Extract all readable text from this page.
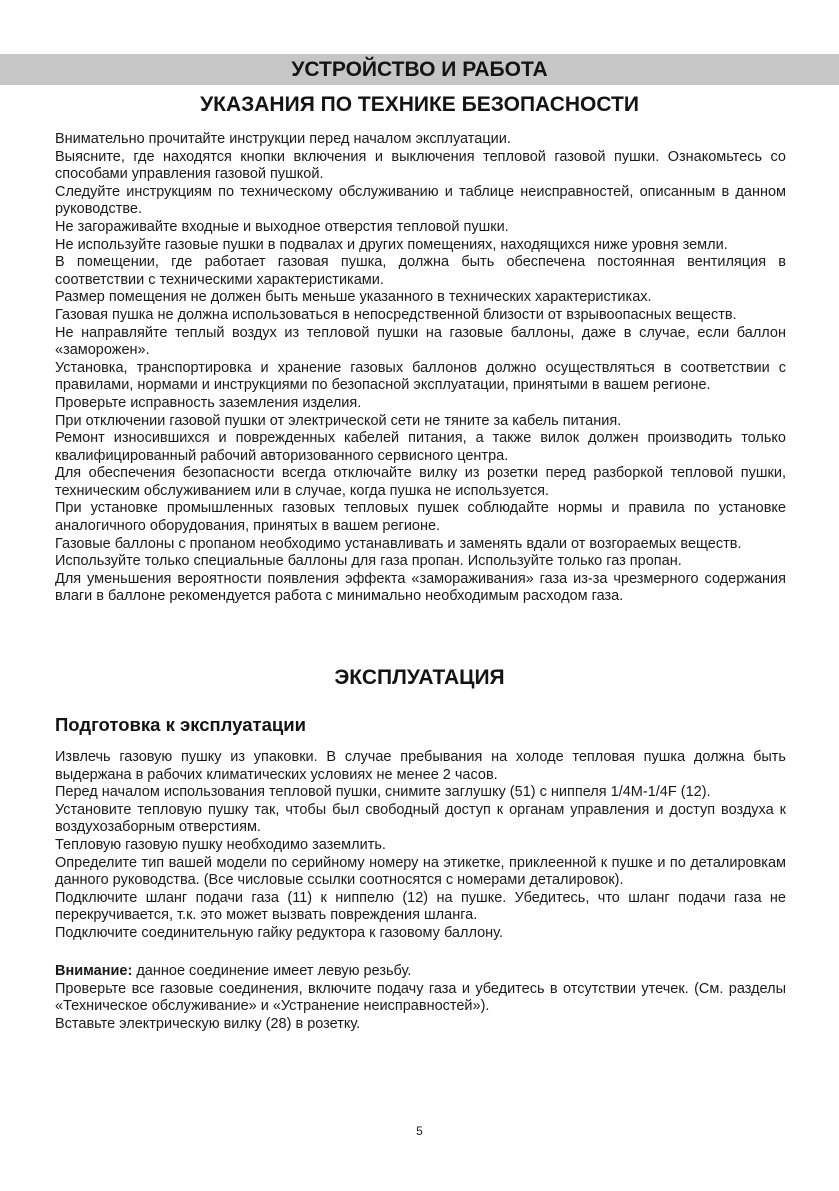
УСТРОЙСТВО И РАБОТА
УКАЗАНИЯ ПО ТЕХНИКЕ БЕЗОПАСНОСТИ

Внимательно прочитайте инструкции перед началом эксплуатации.

Выясните, где находятся кнопки включения и выключения тепловой газовой пушки. Ознакомьтесь со способами управления газовой пушкой.

Следуйте инструкциям по техническому обслуживанию и таблице неисправностей, описанным в данном руководстве.

Не загораживайте входные и выходное отверстия тепловой пушки.

Не используйте газовые пушки в подвалах и других помещениях, находящихся ниже уровня земли.

В помещении, где работает газовая пушка, должна быть обеспечена постоянная вентиляция в соответствии с техническими характеристиками.

Размер помещения не должен быть меньше указанного в технических характеристиках.

Газовая пушка не должна использоваться в непосредственной близости от взрывоопасных веществ.

Не направляйте теплый воздух из тепловой пушки на газовые баллоны, даже в случае, если баллон «заморожен».

Установка, транспортировка и хранение газовых баллонов должно осуществляться в соответствии с правилами, нормами и инструкциями по безопасной эксплуатации, принятыми в вашем регионе.

Проверьте исправность заземления изделия.

При отключении газовой пушки от электрической сети не тяните за кабель питания.

Ремонт износившихся и поврежденных кабелей питания, а также вилок должен производить только квалифицированный рабочий авторизованного сервисного центра.

Для обеспечения безопасности всегда отключайте вилку из розетки перед разборкой тепловой пушки, техническим обслуживанием или в случае, когда пушка не используется.

При установке промышленных газовых тепловых пушек соблюдайте нормы и правила по установке аналогичного оборудования, принятых в вашем регионе.

Газовые баллоны с пропаном необходимо устанавливать и заменять вдали от возгораемых веществ.

Используйте только специальные баллоны для газа пропан. Используйте только газ пропан.

Для уменьшения вероятности появления эффекта «замораживания» газа из-за чрезмерного содержания влаги в баллоне рекомендуется работа с минимально необходимым расходом газа.

ЭКСПЛУАТАЦИЯ
Подготовка к эксплуатации

Извлечь газовую пушку из упаковки. В случае пребывания на холоде тепловая пушка должна быть выдержана в рабочих климатических условиях не менее 2 часов.

Перед началом использования тепловой пушки, снимите заглушку (51) с ниппеля 1/4M-1/4F (12).

Установите тепловую пушку так, чтобы был свободный доступ к органам управления и доступ воздуха к воздухозаборным отверстиям.

Тепловую газовую пушку необходимо заземлить.

Определите тип вашей модели по серийному номеру на этикетке, приклеенной к пушке и по деталировкам данного руководства. (Все числовые ссылки соотносятся с номерами деталировок).

Подключите шланг подачи газа (11) к ниппелю (12) на пушке. Убедитесь, что шланг подачи газа не перекручивается, т.к. это может вызвать повреждения шланга.

Подключите соединительную гайку редуктора к газовому баллону.

Внимание: данное соединение имеет левую резьбу.

Проверьте все газовые соединения, включите подачу газа и убедитесь в отсутствии утечек. (См. разделы «Техническое обслуживание» и «Устранение неисправностей»).

Вставьте электрическую вилку (28) в розетку.

5
